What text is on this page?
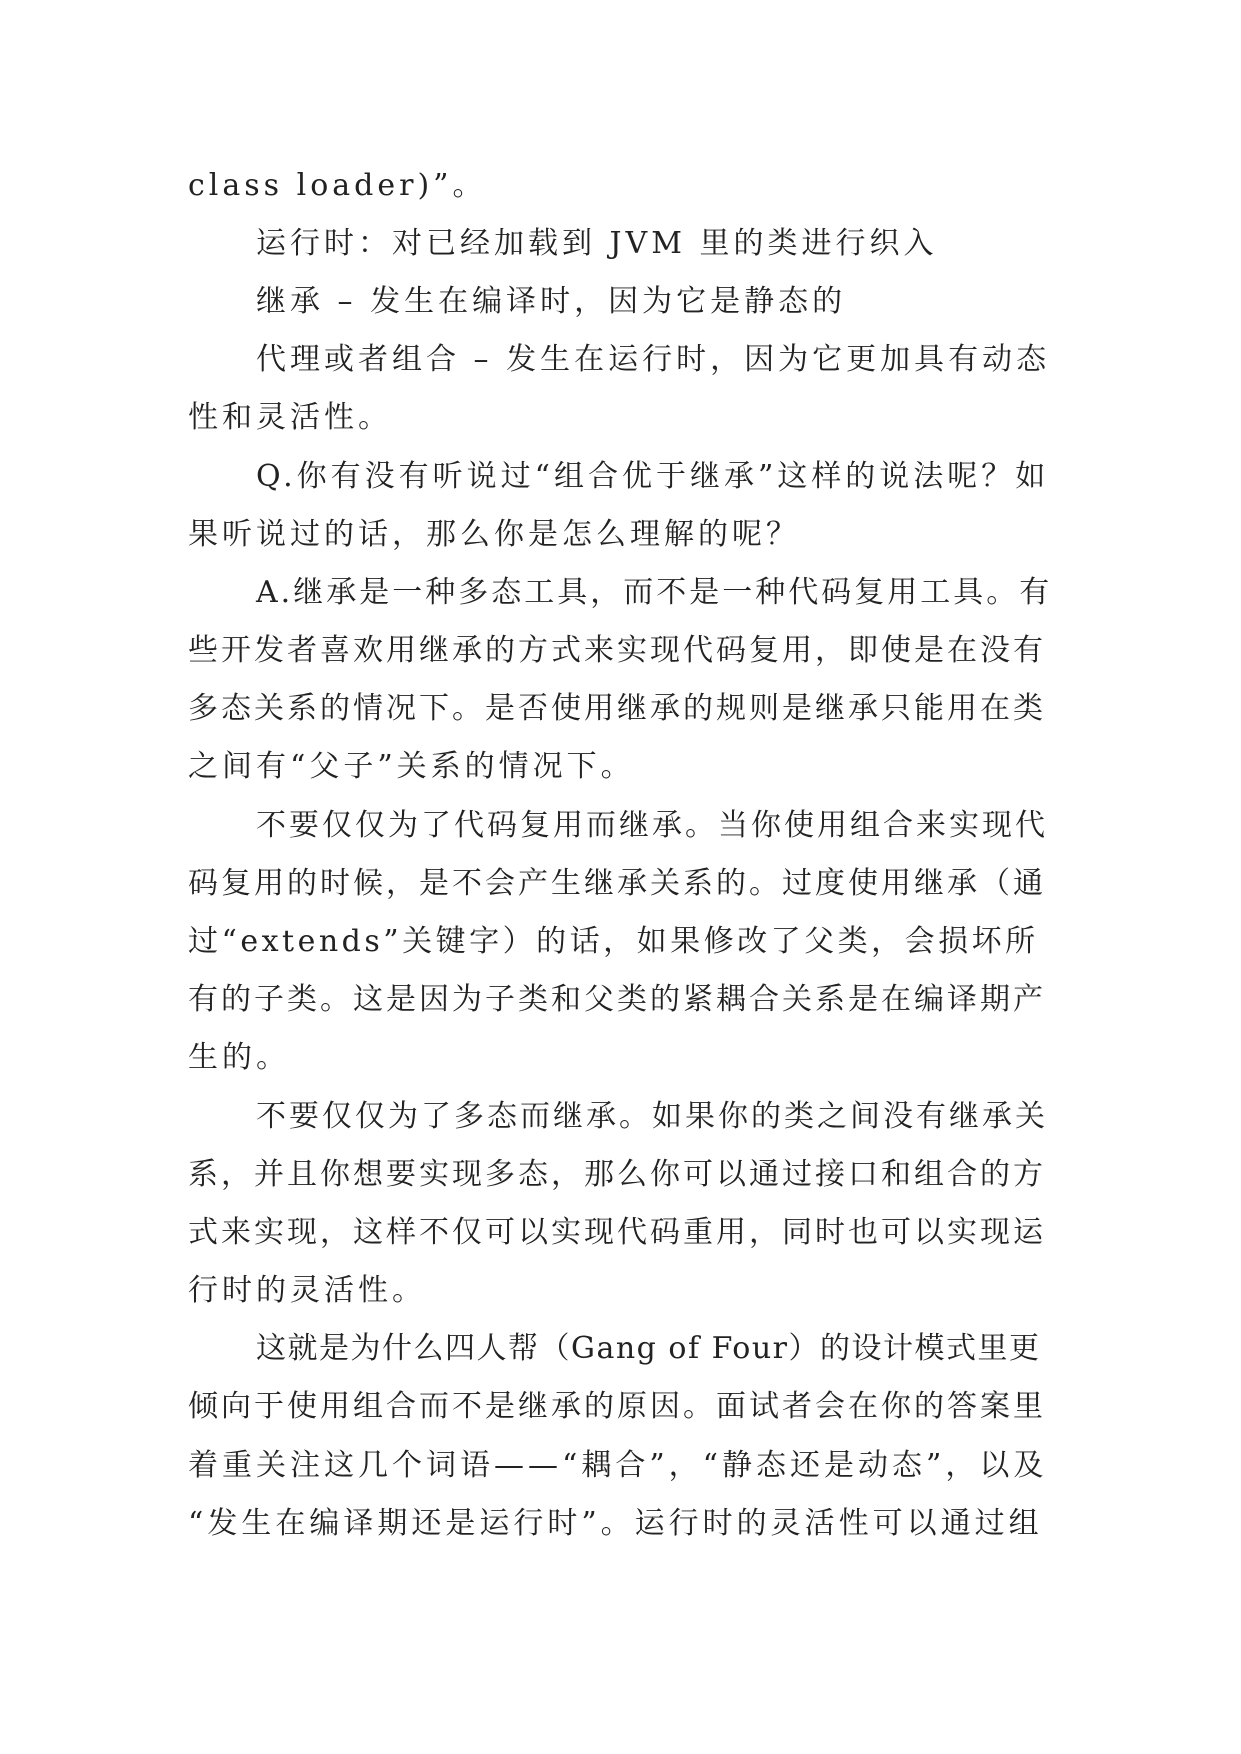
class loader)”。
运行时：对已经加载到 JVM 里的类进行织入
继承 – 发生在编译时，因为它是静态的
代理或者组合 – 发生在运行时，因为它更加具有动态
性和灵活性。
Q.你有没有听说过“组合优于继承”这样的说法呢？如
果听说过的话，那么你是怎么理解的呢？
A.继承是一种多态工具，而不是一种代码复用工具。有
些开发者喜欢用继承的方式来实现代码复用，即使是在没有
多态关系的情况下。是否使用继承的规则是继承只能用在类
之间有“父子”关系的情况下。
不要仅仅为了代码复用而继承。当你使用组合来实现代
码复用的时候，是不会产生继承关系的。过度使用继承（通
过“extends”关键字）的话，如果修改了父类，会损坏所
有的子类。这是因为子类和父类的紧耦合关系是在编译期产
生的。
不要仅仅为了多态而继承。如果你的类之间没有继承关
系，并且你想要实现多态，那么你可以通过接口和组合的方
式来实现，这样不仅可以实现代码重用，同时也可以实现运
行时的灵活性。
这就是为什么四人帮（Gang of Four）的设计模式里更
倾向于使用组合而不是继承的原因。面试者会在你的答案里
着重关注这几个词语——“耦合”，“静态还是动态”，以及
“发生在编译期还是运行时”。运行时的灵活性可以通过组
